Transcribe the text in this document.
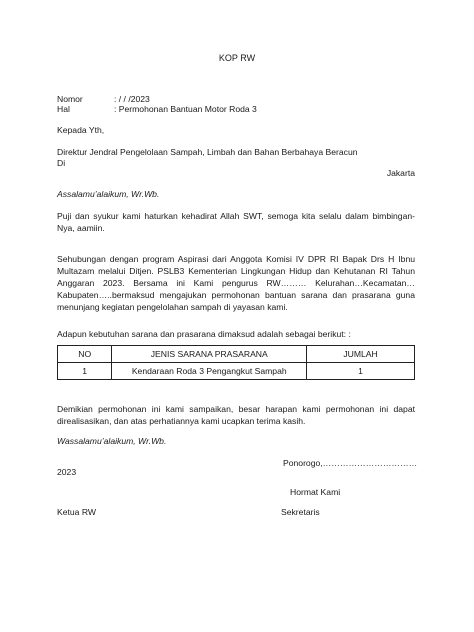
KOP RW
Nomor	: / / /2023
Hal	: Permohonan Bantuan Motor Roda 3
Kepada Yth,
Direktur Jendral Pengelolaan Sampah, Limbah dan Bahan Berbahaya Beracun
Di
Jakarta
Assalamu’alaikum, Wr.Wb.
Puji dan syukur kami haturkan kehadirat Allah SWT, semoga kita selalu dalam bimbingan-Nya, aamiin.
Sehubungan dengan program Aspirasi dari Anggota Komisi IV DPR RI Bapak Drs H Ibnu Multazam melalui Ditjen. PSLB3 Kementerian Lingkungan Hidup dan Kehutanan RI Tahun Anggaran 2023. Bersama ini Kami pengurus RW……… Kelurahan…Kecamatan…Kabupaten…..bermaksud mengajukan permohonan bantuan sarana dan prasarana guna menunjang kegiatan pengelolahan sampah di yayasan kami.
Adapun kebutuhan sarana dan prasarana dimaksud adalah sebagai berikut: :
NO	JENIS SARANA PRASARANA	JUMLAH
1	Kendaraan Roda 3 Pengangkut Sampah	1
Demikian permohonan ini kami sampaikan, besar harapan kami permohonan ini dapat direalisasikan, dan atas perhatiannya kami ucapkan terima kasih.
Wassalamu’alaikum, Wr.Wb.
Ponorogo,……………………………
2023
Hormat Kami
Ketua RW	Sekretaris
